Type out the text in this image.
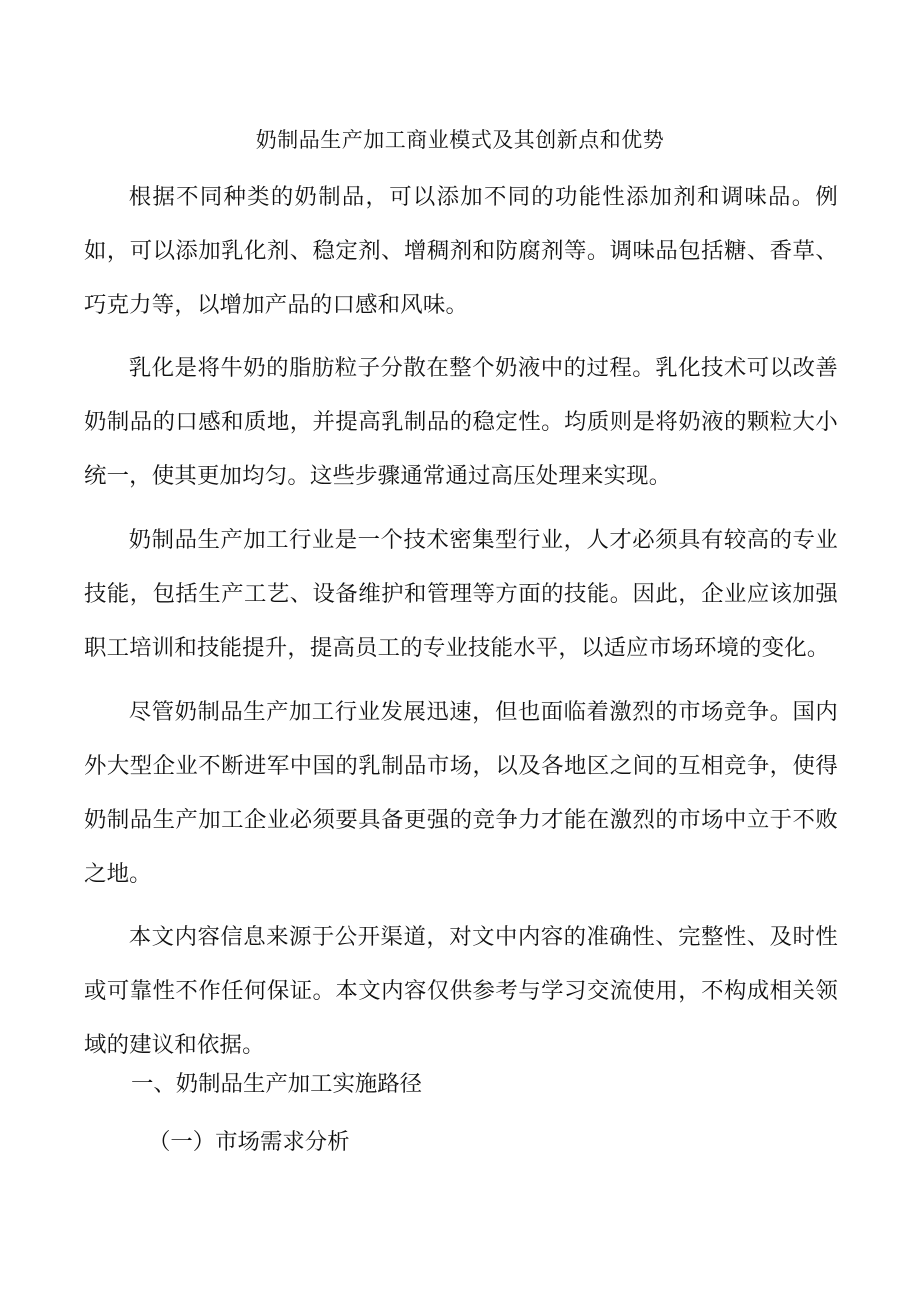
奶制品生产加工商业模式及其创新点和优势

根据不同种类的奶制品，可以添加不同的功能性添加剂和调味品。例如，可以添加乳化剂、稳定剂、增稠剂和防腐剂等。调味品包括糖、香草、巧克力等，以增加产品的口感和风味。

乳化是将牛奶的脂肪粒子分散在整个奶液中的过程。乳化技术可以改善奶制品的口感和质地，并提高乳制品的稳定性。均质则是将奶液的颗粒大小统一，使其更加均匀。这些步骤通常通过高压处理来实现。

奶制品生产加工行业是一个技术密集型行业，人才必须具有较高的专业技能，包括生产工艺、设备维护和管理等方面的技能。因此，企业应该加强职工培训和技能提升，提高员工的专业技能水平，以适应市场环境的变化。

尽管奶制品生产加工行业发展迅速，但也面临着激烈的市场竞争。国内外大型企业不断进军中国的乳制品市场，以及各地区之间的互相竞争，使得奶制品生产加工企业必须要具备更强的竞争力才能在激烈的市场中立于不败之地。

本文内容信息来源于公开渠道，对文中内容的准确性、完整性、及时性或可靠性不作任何保证。本文内容仅供参考与学习交流使用，不构成相关领域的建议和依据。

一、奶制品生产加工实施路径
（一）市场需求分析
